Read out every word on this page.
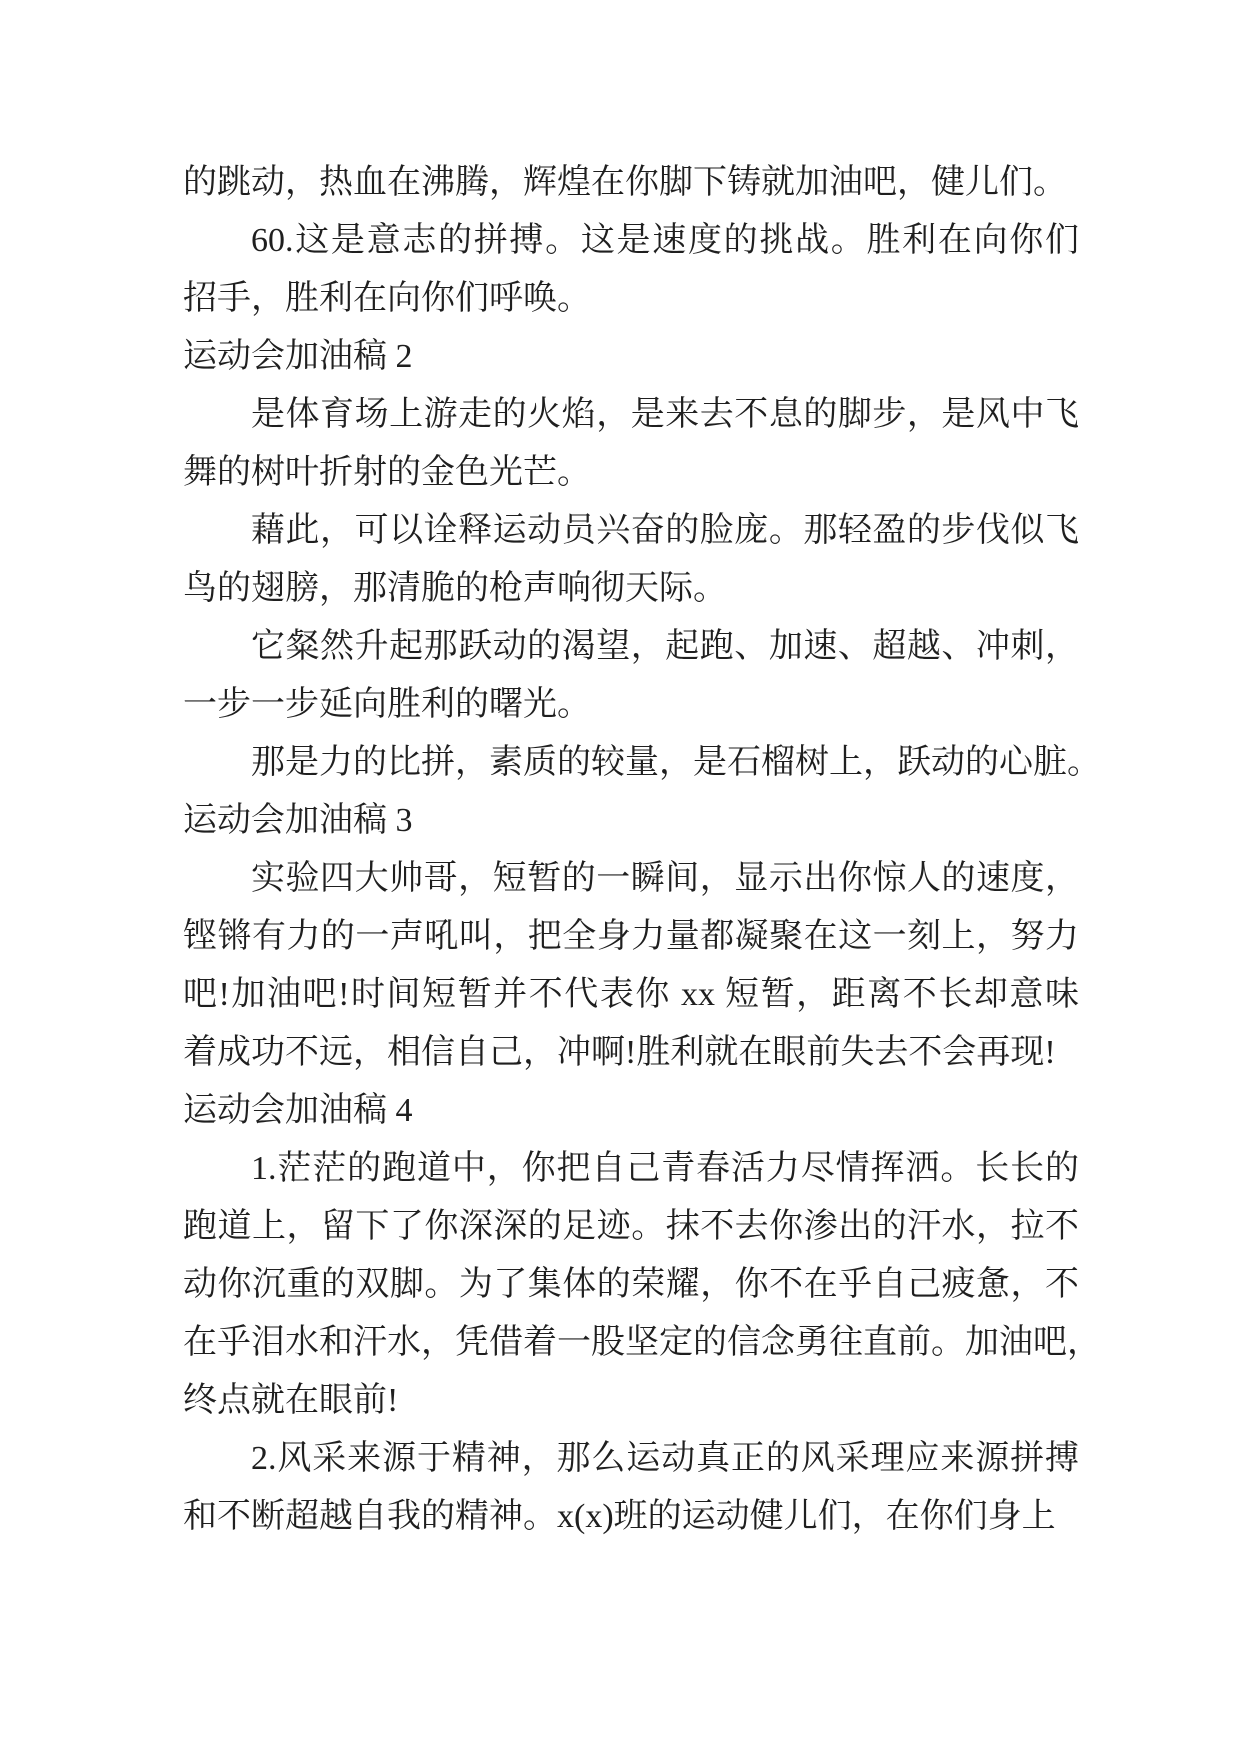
的跳动，热血在沸腾，辉煌在你脚下铸就加油吧，健儿们。
60.这是意志的拼搏。这是速度的挑战。胜利在向你们
招手，胜利在向你们呼唤。
运动会加油稿 2
是体育场上游走的火焰，是来去不息的脚步，是风中飞
舞的树叶折射的金色光芒。
藉此，可以诠释运动员兴奋的脸庞。那轻盈的步伐似飞
鸟的翅膀，那清脆的枪声响彻天际。
它粲然升起那跃动的渴望，起跑、加速、超越、冲刺，
一步一步延向胜利的曙光。
那是力的比拼，素质的较量，是石榴树上，跃动的心脏。
运动会加油稿 3
实验四大帅哥，短暂的一瞬间，显示出你惊人的速度，
铿锵有力的一声吼叫，把全身力量都凝聚在这一刻上，努力
吧!加油吧!时间短暂并不代表你 xx 短暂，距离不长却意味
着成功不远，相信自己，冲啊!胜利就在眼前失去不会再现!
运动会加油稿 4
1.茫茫的跑道中，你把自己青春活力尽情挥洒。长长的
跑道上，留下了你深深的足迹。抹不去你渗出的汗水，拉不
动你沉重的双脚。为了集体的荣耀，你不在乎自己疲惫，不
在乎泪水和汗水，凭借着一股坚定的信念勇往直前。加油吧，
终点就在眼前!
2.风采来源于精神，那么运动真正的风采理应来源拼搏
和不断超越自我的精神。x(x)班的运动健儿们，在你们身上
